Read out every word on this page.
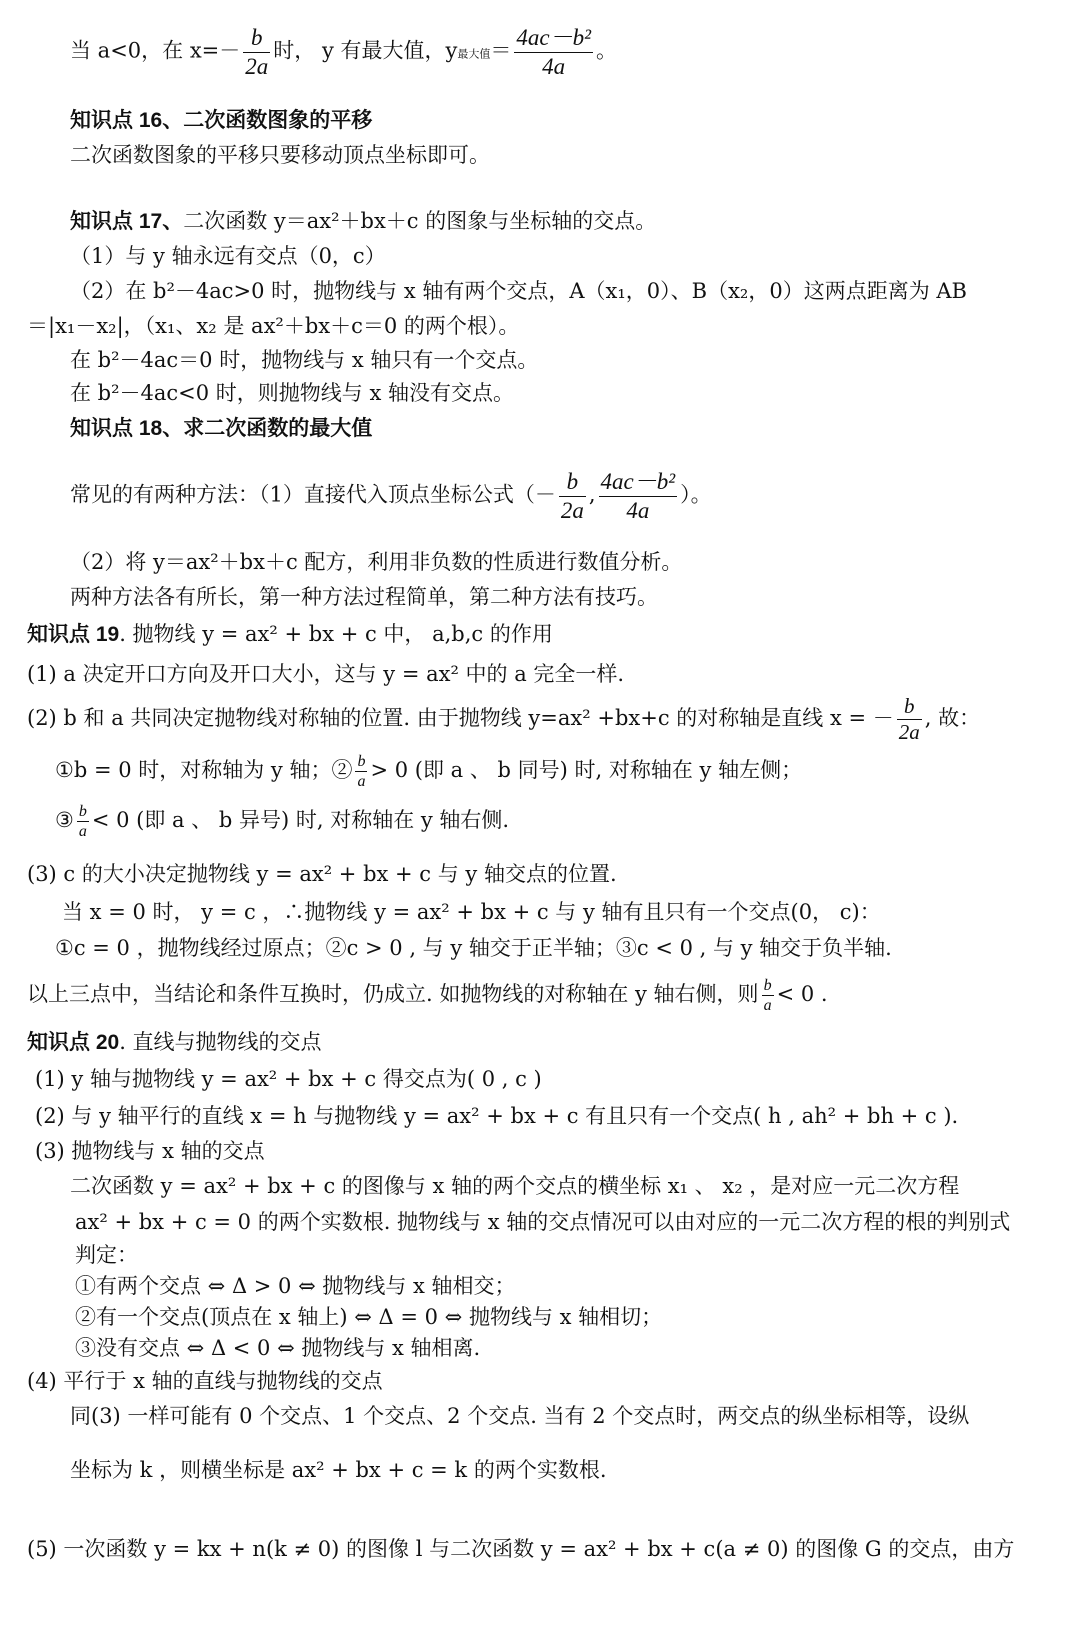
当 a<0，在 $x=- \frac{b}{2a}$ 时， y 有最大值，y最大值＝ $\frac{\text{4ac－b²}}{4a}$ 。
知识点 16、二次函数图象的平移
二次函数图象的平移只要移动顶点坐标即可。
知识点 17、二次函数 y＝ax²＋bx＋c 的图象与坐标轴的交点。
（1）与 y 轴永远有交点（0，c）
（2）在 b²－4ac>0 时，抛物线与 x 轴有两个交点，A（x₁，0）、B（x₂，0）这两点距离为 AB
＝|x₁－x₂|，（x₁、x₂ 是 ax²＋bx＋c＝0 的两个根）。
在 b²－4ac＝0 时，抛物线与 x 轴只有一个交点。
在 b²－4ac<0 时，则抛物线与 x 轴没有交点。
知识点 18、求二次函数的最大值
常见的有两种方法：（1）直接代入顶点坐标公式（－ $\frac{b}{2a}$ , $\frac{\text{4ac－b²}}{4a}$ ）。
（2）将 y＝ax²＋bx＋c 配方，利用非负数的性质进行数值分析。
两种方法各有所长，第一种方法过程简单，第二种方法有技巧。
知识点 19. 抛物线 y = ax² + bx + c 中， a,b,c 的作用
(1) a 决定开口方向及开口大小，这与 y = ax² 中的 a 完全一样.
(2) b 和 a 共同决定抛物线对称轴的位置. 由于抛物线 y=ax² +bx+c 的对称轴是直线 x = － $\frac{b}{2a}$ , 故：
①b = 0 时，对称轴为 y 轴；② $\frac{b}{a} > 0$ (即 a 、 b 同号) 时, 对称轴在 y 轴左侧；
③ $\frac{b}{a} < 0$ (即 a 、 b 异号) 时, 对称轴在 y 轴右侧.
(3) c 的大小决定抛物线 y = ax² + bx + c 与 y 轴交点的位置.
当 x = 0 时， y = c ，∴抛物线 y = ax² + bx + c 与 y 轴有且只有一个交点(0， c)：
①c = 0 ，抛物线经过原点；②c > 0 , 与 y 轴交于正半轴；③c < 0 , 与 y 轴交于负半轴.
以上三点中，当结论和条件互换时，仍成立. 如抛物线的对称轴在 y 轴右侧，则 $\frac{b}{a} < 0$ .
知识点 20. 直线与抛物线的交点
(1) y 轴与抛物线 y = ax² + bx + c 得交点为( 0 , c )
(2) 与 y 轴平行的直线 x = h 与抛物线 y = ax² + bx + c 有且只有一个交点( h , ah² + bh + c ).
(3) 抛物线与 x 轴的交点
二次函数 y = ax² + bx + c 的图像与 x 轴的两个交点的横坐标 x₁ 、 x₂ ，是对应一元二次方程
ax² + bx + c = 0 的两个实数根. 抛物线与 x 轴的交点情况可以由对应的一元二次方程的根的判别式
判定：
①有两个交点 ⇔ Δ > 0 ⇔ 抛物线与 x 轴相交；
②有一个交点(顶点在 x 轴上) ⇔ Δ = 0 ⇔ 抛物线与 x 轴相切；
③没有交点 ⇔ Δ < 0 ⇔ 抛物线与 x 轴相离.
(4) 平行于 x 轴的直线与抛物线的交点
同(3) 一样可能有 0 个交点、1 个交点、2 个交点. 当有 2 个交点时，两交点的纵坐标相等，设纵
坐标为 k ，则横坐标是 ax² + bx + c = k 的两个实数根.
(5) 一次函数 y = kx + n(k ≠ 0) 的图像 l 与二次函数 y = ax² + bx + c(a ≠ 0) 的图像 G 的交点，由方
